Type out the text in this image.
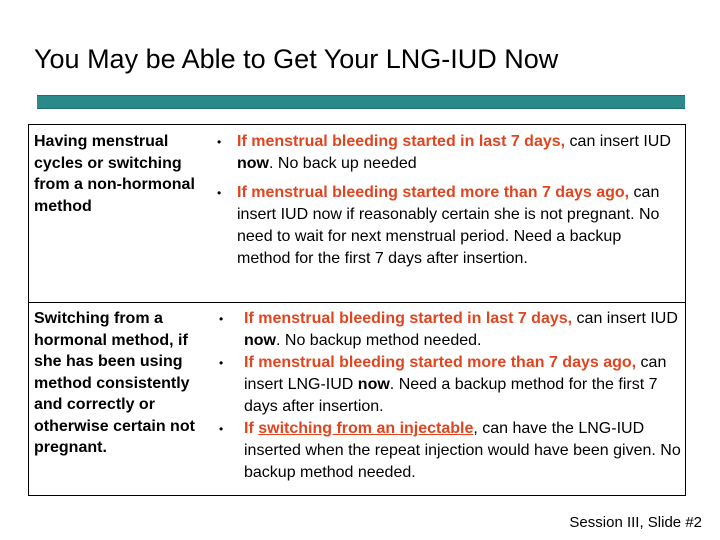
You May be Able to Get Your LNG-IUD Now
Having menstrual cycles or switching from a non-hormonal method
• If menstrual bleeding started in last 7 days, can insert IUD now. No back up needed
• If menstrual bleeding started more than 7 days ago, can insert IUD now if reasonably certain she is not pregnant. No need to wait for next menstrual period. Need a backup method for the first 7 days after insertion.
Switching from a hormonal method, if she has been using method consistently and correctly or otherwise certain not pregnant.
• If menstrual bleeding started in last 7 days, can insert IUD now. No backup method needed.
• If menstrual bleeding started more than 7 days ago, can insert LNG-IUD now. Need a backup method for the first 7 days after insertion.
• If switching from an injectable, can have the LNG-IUD inserted when the repeat injection would have been given. No backup method needed.
Session III, Slide #2
